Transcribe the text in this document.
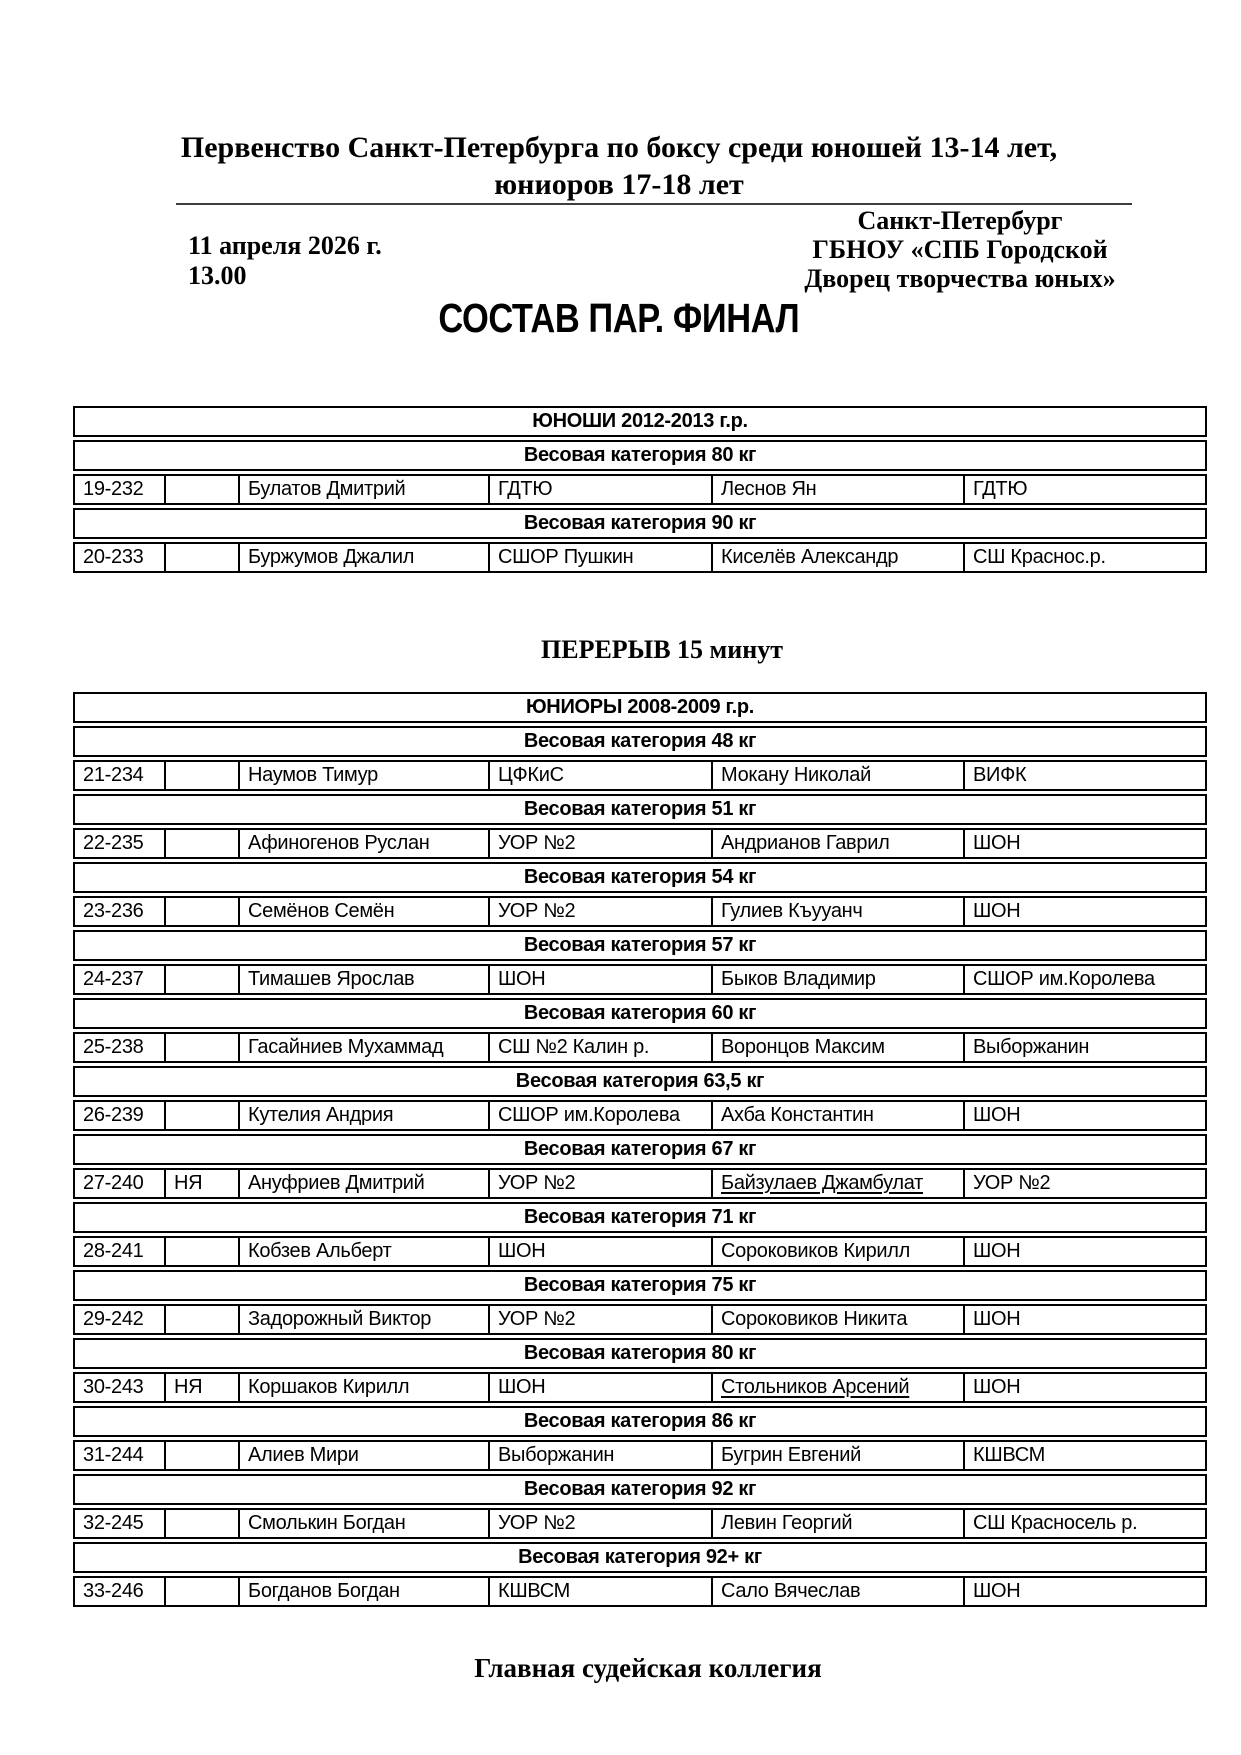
Первенство Санкт-Петербурга по боксу среди юношей 13-14 лет,
юниоров 17-18 лет
11 апреля 2026 г.
13.00
Санкт-Петербург
ГБНОУ «СПБ Городской
Дворец творчества юных»
СОСТАВ ПАР. ФИНАЛ
ЮНОШИ 2012-2013 г.р.					
Весовая категория 80 кг					
19-232		Булатов Дмитрий	ГДТЮ	Леснов Ян	ГДТЮ
Весовая категория 90 кг					
20-233		Буржумов Джалил	СШОР Пушкин	Киселёв Александр	СШ Краснос.р.
ПЕРЕРЫВ 15 минут
ЮНИОРЫ 2008-2009 г.р.					
Весовая категория 48 кг					
21-234		Наумов Тимур	ЦФКиС	Мокану Николай	ВИФК
Весовая категория 51 кг					
22-235		Афиногенов Руслан	УОР №2	Андрианов Гаврил	ШОН
Весовая категория 54 кг					
23-236		Семёнов Семён	УОР №2	Гулиев Къууанч	ШОН
Весовая категория 57 кг					
24-237		Тимашев Ярослав	ШОН	Быков Владимир	СШОР им.Королева
Весовая категория 60 кг					
25-238		Гасайниев Мухаммад	СШ №2 Калин р.	Воронцов Максим	Выборжанин
Весовая категория 63,5 кг					
26-239		Кутелия Андрия	СШОР им.Королева	Ахба Константин	ШОН
Весовая категория 67 кг					
27-240	НЯ	Ануфриев Дмитрий	УОР №2	Байзулаев Джамбулат	УОР №2
Весовая категория 71 кг					
28-241		Кобзев Альберт	ШОН	Сороковиков Кирилл	ШОН
Весовая категория 75 кг					
29-242		Задорожный Виктор	УОР №2	Сороковиков Никита	ШОН
Весовая категория 80 кг					
30-243	НЯ	Коршаков Кирилл	ШОН	Стольников Арсений	ШОН
Весовая категория 86 кг					
31-244		Алиев Мири	Выборжанин	Бугрин Евгений	КШВСМ
Весовая категория 92 кг					
32-245		Смолькин Богдан	УОР №2	Левин Георгий	СШ Красносель р.
Весовая категория 92+ кг					
33-246		Богданов Богдан	КШВСМ	Сало Вячеслав	ШОН
Главная судейская коллегия
